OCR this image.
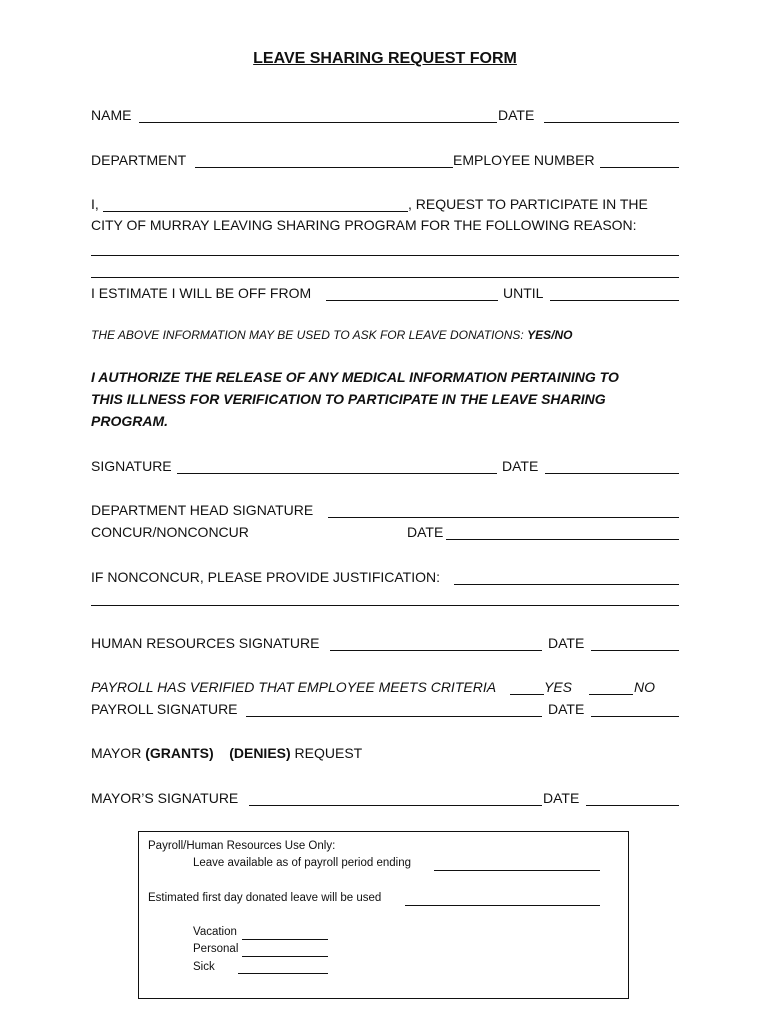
LEAVE SHARING REQUEST FORM
NAME	DATE
DEPARTMENT	EMPLOYEE NUMBER
I,	, REQUEST TO PARTICIPATE IN THE
CITY OF MURRAY LEAVING SHARING PROGRAM FOR THE FOLLOWING REASON:
I ESTIMATE I WILL BE OFF FROM	UNTIL
THE ABOVE INFORMATION MAY BE USED TO ASK FOR LEAVE DONATIONS: YES/NO
I AUTHORIZE THE RELEASE OF ANY MEDICAL INFORMATION PERTAINING TO
THIS ILLNESS FOR VERIFICATION TO PARTICIPATE IN THE LEAVE SHARING
PROGRAM.
SIGNATURE	DATE
DEPARTMENT HEAD SIGNATURE
CONCUR/NONCONCUR	DATE
IF NONCONCUR, PLEASE PROVIDE JUSTIFICATION:
HUMAN RESOURCES SIGNATURE	DATE
PAYROLL HAS VERIFIED THAT EMPLOYEE MEETS CRITERIA	YES	NO
PAYROLL SIGNATURE	DATE
MAYOR (GRANTS) (DENIES) REQUEST
MAYOR’S SIGNATURE	DATE
Payroll/Human Resources Use Only:
Leave available as of payroll period ending
Estimated first day donated leave will be used
Vacation
Personal
Sick
